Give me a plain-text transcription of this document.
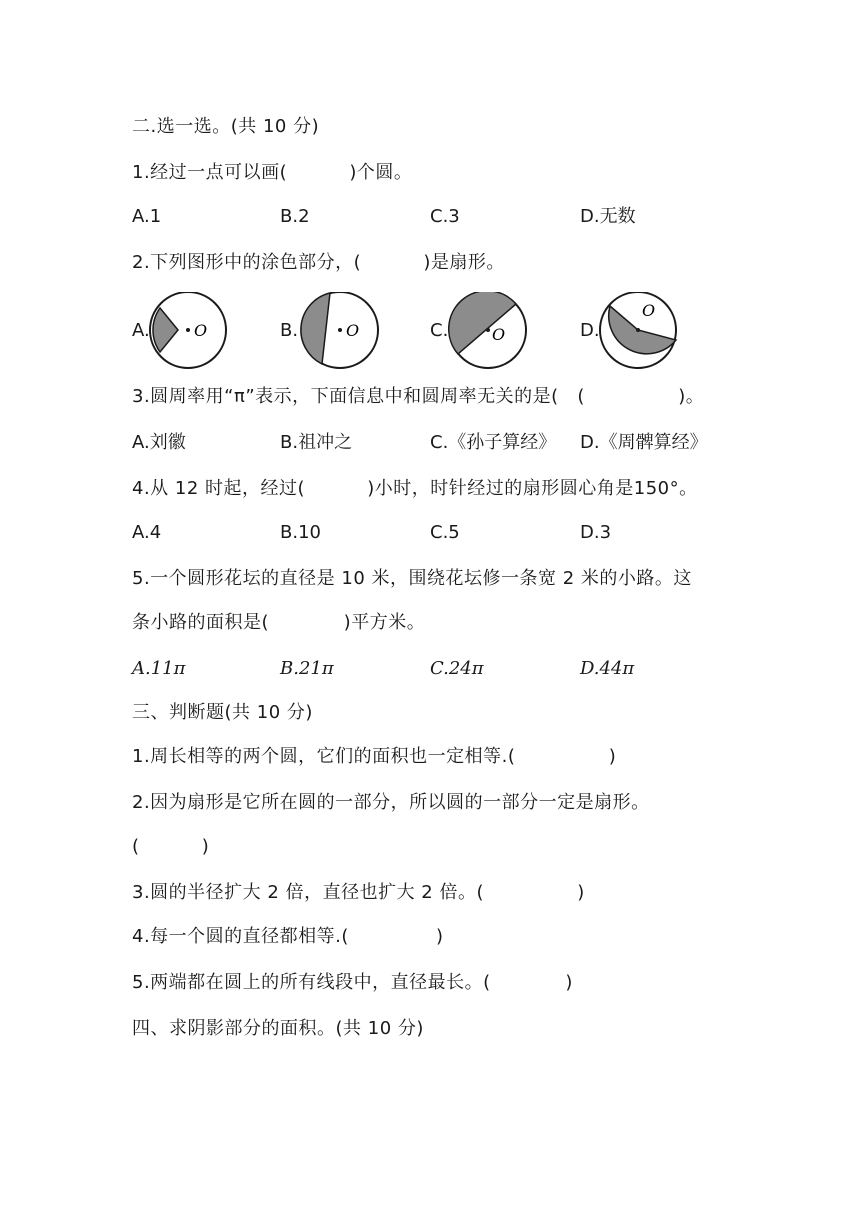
二.选一选。(共 10 分)
1.经过一点可以画(          )个圆。
A.1	B.2	C.3	D.无数
2.下列图形中的涂色部分，(          )是扇形。
A.	O	B.	O	C.	O	D.
O
3.圆周率用“π”表示，下面信息中和圆周率无关的是(   (               )。
A.刘徽	B.祖冲之	C.《孙子算经》 D.《周髀算经》
4.从 12 时起，经过(          )小时，时针经过的扇形圆心角是150°。
A.4	B.10	C.5	D.3
5.一个圆形花坛的直径是 10 米，围绕花坛修一条宽 2 米的小路。这
条小路的面积是(            )平方米。
A.11π	B.21π	C.24π	D.44π
三、判断题(共 10 分)
1.周长相等的两个圆，它们的面积也一定相等.(               )
2.因为扇形是它所在圆的一部分，所以圆的一部分一定是扇形。
(          )
3.圆的半径扩大 2 倍，直径也扩大 2 倍。(               )
4.每一个圆的直径都相等.(              )
5.两端都在圆上的所有线段中，直径最长。(            )
四、求阴影部分的面积。(共 10 分)
